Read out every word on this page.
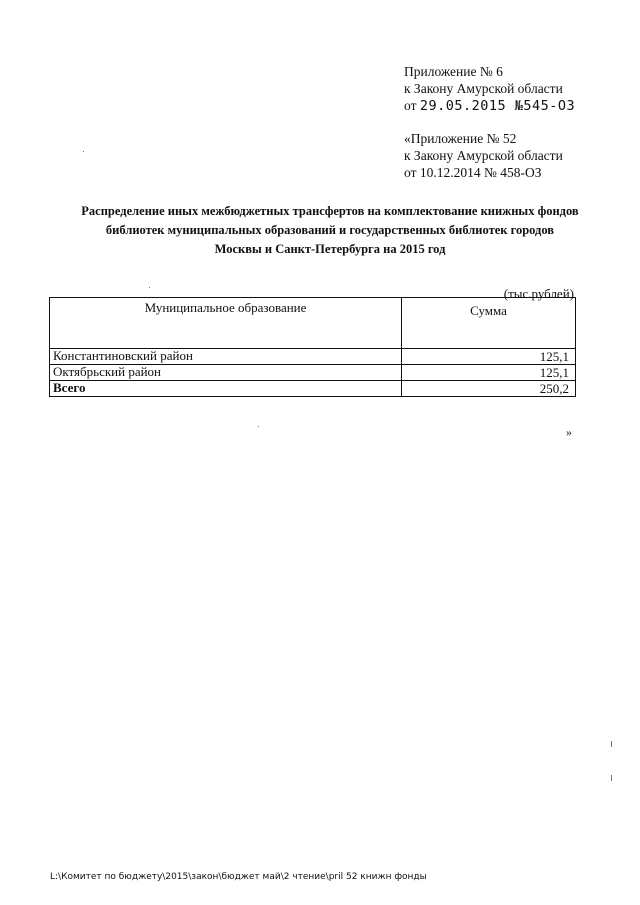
Приложение № 6
к Закону Амурской области
от 29.05.2015 №545-ОЗ
«Приложение № 52
к Закону Амурской области
от 10.12.2014 № 458-ОЗ
Распределение иных межбюджетных трансфертов на комплектование книжных фондов
библиотек муниципальных образований и государственных библиотек городов
Москвы и Санкт-Петербурга на 2015 год
(тыс.рублей)
Муниципальное образование	Сумма
Константиновский район	125,1
Октябрьский район	125,1
Всего	250,2
»
L:\Комитет по бюджету\2015\закон\бюджет май\2 чтение\pril 52 книжн фонды
